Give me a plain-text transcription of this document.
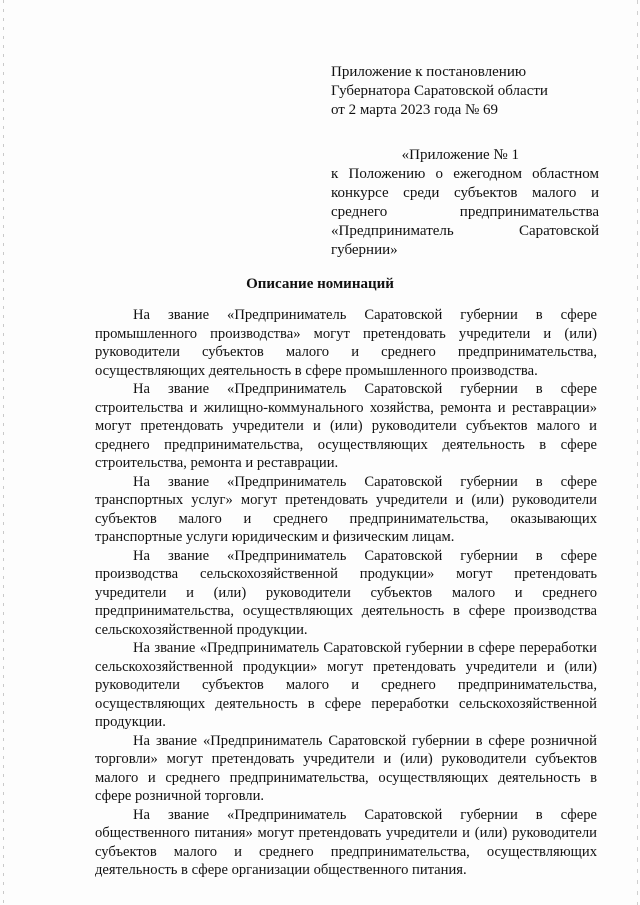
Приложение к постановлению
Губернатора Саратовской области
от 2 марта 2023 года № 69
«Приложение № 1
к Положению о ежегодном областном конкурсе среди субъектов малого и среднего предпринимательства «Предприниматель Саратовской губернии»
Описание номинаций

На звание «Предприниматель Саратовской губернии в сфере промышленного производства» могут претендовать учредители и (или) руководители субъектов малого и среднего предпринимательства, осуществляющих деятельность в сфере промышленного производства.

На звание «Предприниматель Саратовской губернии в сфере строительства и жилищно-коммунального хозяйства, ремонта и реставрации» могут претендовать учредители и (или) руководители субъектов малого и среднего предпринимательства, осуществляющих деятельность в сфере строительства, ремонта и реставрации.

На звание «Предприниматель Саратовской губернии в сфере транспортных услуг» могут претендовать учредители и (или) руководители субъектов малого и среднего предпринимательства, оказывающих транспортные услуги юридическим и физическим лицам.

На звание «Предприниматель Саратовской губернии в сфере производства сельскохозяйственной продукции» могут претендовать учредители и (или) руководители субъектов малого и среднего предпринимательства, осуществляющих деятельность в сфере производства сельскохозяйственной продукции.

На звание «Предприниматель Саратовской губернии в сфере переработки сельскохозяйственной продукции» могут претендовать учредители и (или) руководители субъектов малого и среднего предпринимательства, осуществляющих деятельность в сфере переработки сельскохозяйственной продукции.

На звание «Предприниматель Саратовской губернии в сфере розничной торговли» могут претендовать учредители и (или) руководители субъектов малого и среднего предпринимательства, осуществляющих деятельность в сфере розничной торговли.

На звание «Предприниматель Саратовской губернии в сфере общественного питания» могут претендовать учредители и (или) руководители субъектов малого и среднего предпринимательства, осуществляющих деятельность в сфере организации общественного питания.
